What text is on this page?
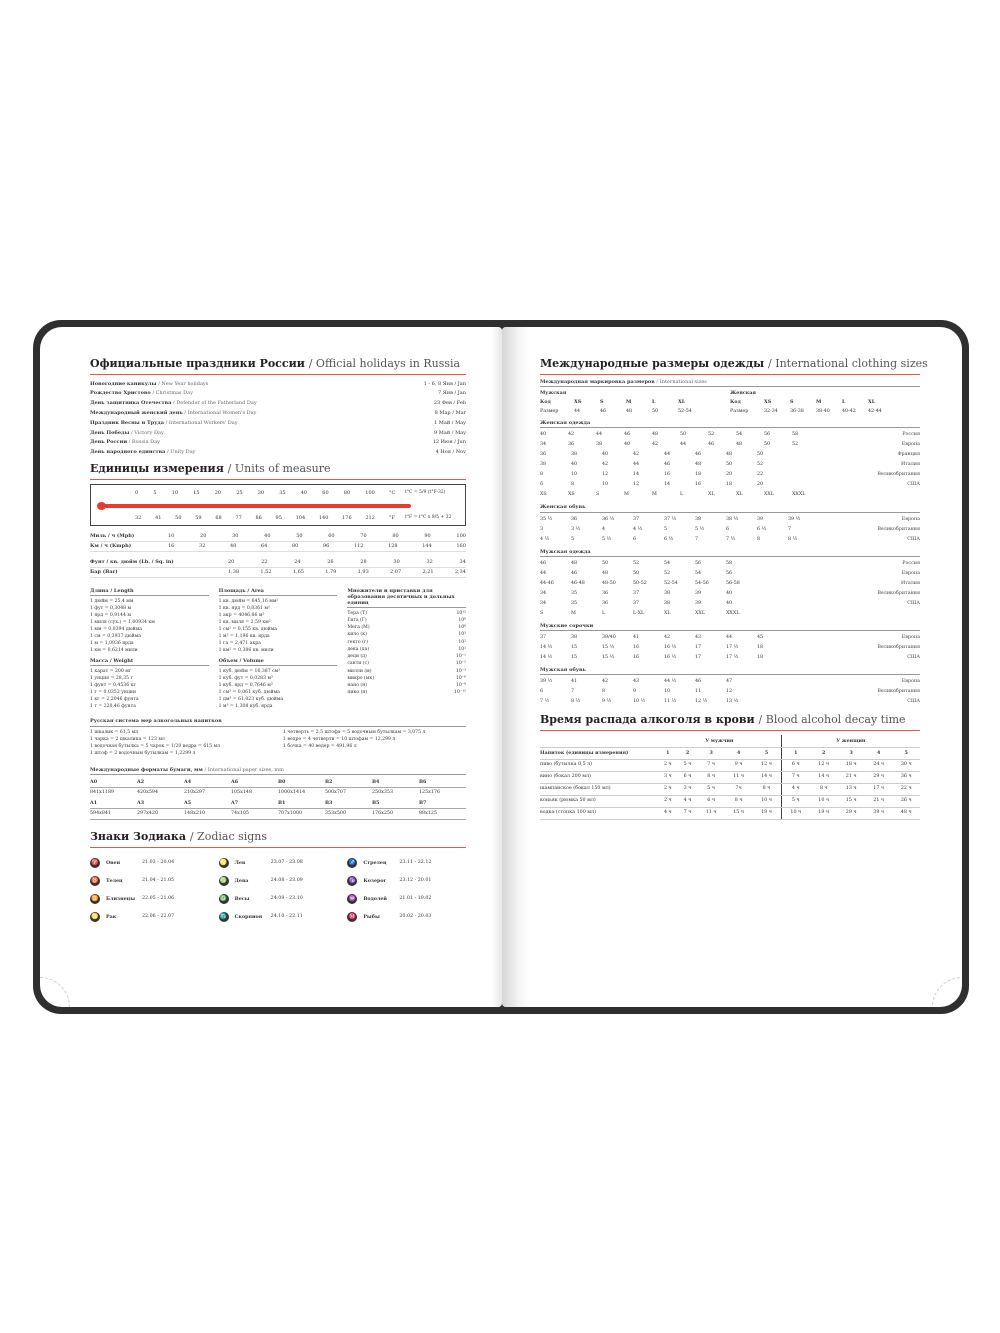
Официальные праздники России / Official holidays in Russia
Новогодние каникулы / New Year holidays	1 - 6, 8 Янв / Jan
Рождество Христово / Christmas Day	7 Янв / Jan
День защитника Отечества / Defender of the Fatherland Day	23 Фев / Feb
Международный женский день / International Women's Day	8 Мар / Mar
Праздник Весны и Труда / International Workers' Day	1 Май / May
День Победы / Victory Day	9 Май / May
День России / Russia Day	12 Июн / Jun
День народного единства / Unity Day	4 Ноя / Nov
Единицы измерения / Units of measure
0	5	10	15	20	25	30	35	40	60	80	100
32	41	50	59	68	77	86	95	104	140	176	212
°C
°F
t°C = 5/9 (t°F-32)
t°F = t°C x 9/5 + 32
Миль / ч (Mph)	10	20	30	40	50	60	70	80	90	100
Км / ч (Kmph)	16	32	48	64	80	96	112	128	144	160
Фунт / кв. дюйм (Lb. / Sq. in)	20	22	24	26	28	30	32	34
Бар (Bar)	1,38	1,52	1,65	1,79	1,93	2,07	2,21	2,34
Длина / Length
1 дюйм = 25,4 мм
1 фут = 0,3048 м
1 ярд = 0,9144 м
1 миля (сух.) = 1,60934 км
1 мм = 0,0394 дюйма
1 см = 0,3937 дюйма
1 м = 1,0936 ярда
1 км = 0,6214 мили
Масса / Weight
1 карат = 200 мг
1 унция = 28,35 г
1 фунт = 0,4536 кг
1 г = 0,0353 унции
1 кг = 2,2046 фунта
1 т = 220,46 фунта
Площадь / Area
1 кв. дюйм = 645,16 мм²
1 кв. ярд = 0,8361 м²
1 акр = 4046,86 м²
1 кв. миля = 2,59 км²
1 см² = 0,155 кв. дюйма
1 м² = 1,196 кв. ярда
1 га = 2,471 акра
1 км² = 0,386 кв. мили
Объем / Volume
1 куб. дюйм = 16,387 см³
1 куб. фут = 0,0283 м³
1 куб. ярд = 0,7646 м³
1 см³ = 0,061 куб. дюйма
1 дм³ = 61,023 куб. дюйма
1 м³ = 1,308 куб. ярда
Множители и приставки для образования десятичных и дольных единиц
Тера (Т)	10¹²
Гига (Г)	10⁹
Мега (М)	10⁶
кило (к)	10³
гекто (г)	10²
дека (да)	10¹
деци (д)	10⁻¹
санти (с)	10⁻²
милли (м)	10⁻³
микро (мк)	10⁻⁶
нано (н)	10⁻⁹
пико (п)	10⁻¹²
Русская система мер алкогольных напитков
1 шкалик = 61,5 мл
1 чарка = 2 шкалика = 123 мл
1 водочная бутылка = 5 чарок = 1/20 ведра = 615 мл
1 штоф = 2 водочным бутылкам = 1,2299 л
1 четверть = 2,5 штофа = 5 водочным бутылкам = 3,075 л
1 ведро = 4 четверти = 10 штофам = 12,299 л
1 бочка = 40 ведер = 491,96 л
Международные форматы бумаги, мм / International paper sizes, mm
A0	A2	A4	A6	B0	B2	B4	B6
841x1189	420x594	210x297	105x148	1000x1414	500x707	250x353	125x176
A1	A3	A5	A7	B1	B3	B5	B7
594x841	297x420	148x210	74x105	707x1000	353x500	176x250	88x125
Знаки Зодиака / Zodiac signs
♈ Овен	21.03 - 20.04	♌ Лев	23.07 - 23.08	♐ Стрелец	23.11 - 22.12
♉ Телец	21.04 - 21.05	♍ Дева	24.08 - 23.09	♑ Козерог	23.12 - 20.01
♊ Близнецы	22.05 - 21.06	♎ Весы	24.09 - 23.10	♒ Водолей	21.01 - 19.02
♋ Рак	22.06 - 22.07	♏ Скорпион	24.10 - 22.11	♓ Рыбы	20.02 - 20.03
Международные размеры одежды / International clothing sizes
Международная маркировка размеров / International sizes
Мужская	Женская
Код	XS	S	M	L	XL	Код	XS	S	M	L	XL
Размер	44	46	48	50	52-54	Размер	32-34	36-38	38-40	40-42	42-44
Женская одежда
40	42	44	46	48	50	52	54	56	58	Россия
34	36	38	40	42	44	46	48	50	52	Европа
36	38	40	42	44	46	48	50	Франция
38	40	42	44	46	48	50	52	Италия
8	10	12	14	16	18	20	22	Великобритания
6	8	10	12	14	16	18	20	США
XS	XS	S	M	M	L	XL	XL	XXL	XXXL
Женская обувь
35 ½	36	36 ½	37	37 ½	38	38 ½	39	39 ½	Европа
3	3 ½	4	4 ½	5	5 ½	6	6 ½	7	Великобритания
4 ½	5	5 ½	6	6 ½	7	7 ½	8	8 ½	США
Мужская одежда
46	48	50	52	54	56	58	Россия
44	46	48	50	52	54	56	Европа
44-46	46-48	48-50	50-52	52-54	54-56	56-58	Италия
34	35	36	37	38	39	40	Великобритания
34	35	36	37	38	39	40	США
S	M	L	L-XL	XL	XXL	XXXL
Мужские сорочки
37	38	39/40	41	42	43	44	45	Европа
14 ½	15	15 ½	16	16 ½	17	17 ½	18	Великобритания
14 ½	15	15 ½	16	16 ½	17	17 ½	18	США
Мужская обувь
39 ½	41	42	43	44 ½	46	47	Европа
6	7	8	9	10	11	12	Великобритания
7 ½	8 ½	9 ½	10 ½	11 ½	12 ½	13 ½	США
Время распада алкоголя в крови / Blood alcohol decay time
	У мужчин					У женщин				
Напиток (единицы измерения)	1	2	3	4	5	1	2	3	4	5
пиво (бутылка 0,5 л)	2 ч	5 ч	7 ч	9 ч	12 ч	6 ч	12 ч	18 ч	24 ч	30 ч
вино (бокал 200 мл)	3 ч	6 ч	8 ч	11 ч	14 ч	7 ч	14 ч	21 ч	29 ч	36 ч
шампанское (бокал 150 мл)	2 ч	3 ч	5 ч	7ч	8 ч	4 ч	8 ч	13 ч	17 ч	22 ч
коньяк (рюмка 50 мл)	2 ч	4 ч	6 ч	8 ч	10 ч	5 ч	10 ч	15 ч	21 ч	26 ч
водка (стопка 100 мл)	4 ч	7 ч	11 ч	15 ч	19 ч	10 ч	19 ч	29 ч	39 ч	48 ч
